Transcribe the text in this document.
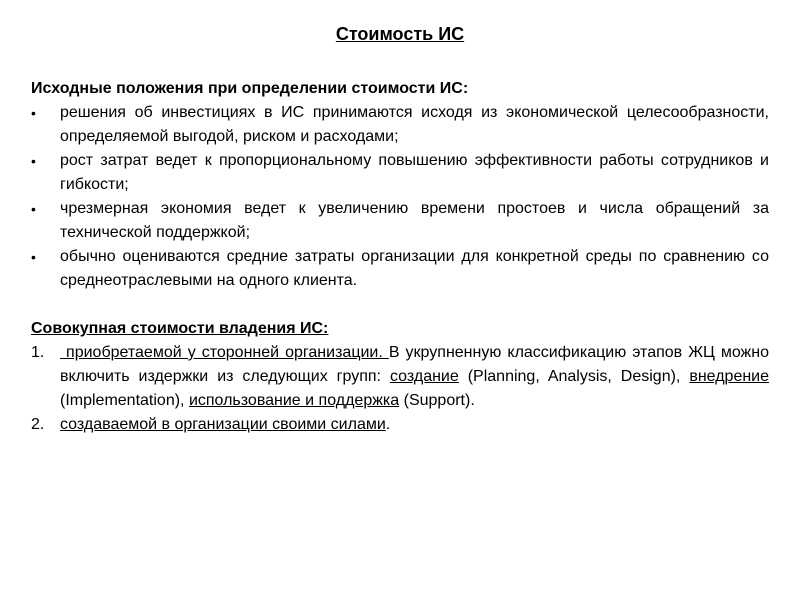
Стоимость ИС

Исходные положения при определении стоимости ИС:

•	решения об инвестициях в ИС принимаются исходя из экономической целесообразности, определяемой выгодой, риском и расходами;
•	рост затрат ведет к пропорциональному повышению эффективности работы сотрудников и гибкости;
•	чрезмерная экономия ведет к увеличению времени простоев и числа обращений за технической поддержкой;
•	обычно оцениваются средние затраты организации для конкретной среды по сравнению со среднеотраслевыми на одного клиента.

Совокупная стоимости владения ИС:

1. приобретаемой у сторонней организации. В укрупненную классификацию этапов ЖЦ можно включить издержки из следующих групп: создание (Planning, Analysis, Design), внедрение (Implementation), использование и поддержка (Support).
2. создаваемой в организации своими силами.
